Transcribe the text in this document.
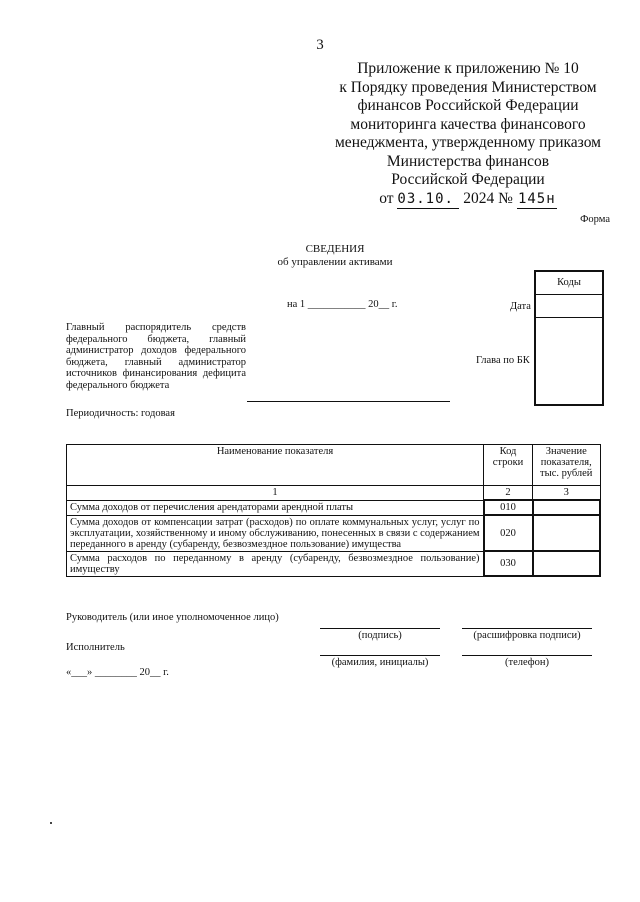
3
Приложение к приложению № 10
к Порядку проведения Министерством
финансов Российской Федерации
мониторинга качества финансового
менеджмента, утвержденному приказом
Министерства финансов
Российской Федерации
от 03.10. 2024 № 145н
Форма
СВЕДЕНИЯ
об управлении активами
Коды
на 1 ___________ 20__ г.	Дата
Глава по БК
Главный распорядитель средств федерального бюджета, главный администратор доходов федерального бюджета, главный администратор источников финансирования дефицита федерального бюджета
Периодичность: годовая
Наименование показателя	Код строки	Значение показателя, тыс. рублей
1	2	3
Сумма доходов от перечисления арендаторами арендной платы	010	
Сумма доходов от компенсации затрат (расходов) по оплате коммунальных услуг, услуг по эксплуатации, хозяйственному и иному обслуживанию, понесенных в связи с содержанием переданного в аренду (субаренду, безвозмездное пользование) имущества	020	
Сумма расходов по переданному в аренду (субаренду, безвозмездное пользование) имуществу	030	
Руководитель (или иное уполномоченное лицо)
(подпись)	(расшифровка подписи)
Исполнитель
(фамилия, инициалы)	(телефон)
«___» ________ 20__ г.
